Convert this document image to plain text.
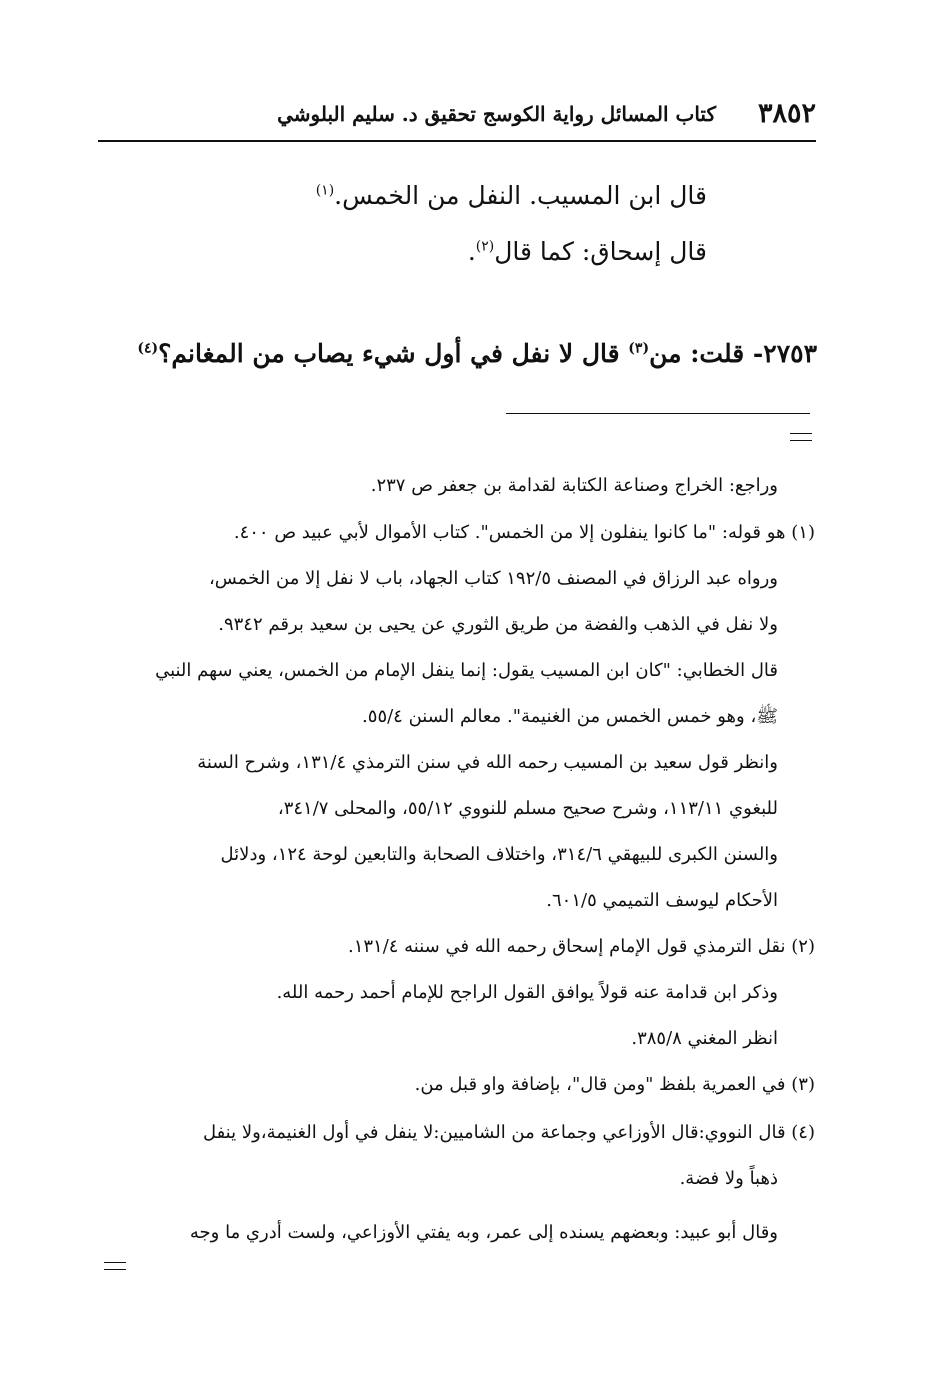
٣٨٥٢
كتاب المسائل رواية الكوسج تحقيق د. سليم البلوشي
قال ابن المسيب. النفل من الخمس.$^{(١)}$
قال إسحاق: كما قال$^{(٢)}$.
٢٧٥٣- قلت: من$^{(٣)}$ قال لا نفل في أول شيء يصاب من المغانم؟$^{(٤)}$
وراجع: الخراج وصناعة الكتابة لقدامة بن جعفر ص ٢٣٧.
(١) هو قوله: "ما كانوا ينفلون إلا من الخمس". كتاب الأموال لأبي عبيد ص ٤٠٠.
ورواه عبد الرزاق في المصنف ١٩٢/٥ كتاب الجهاد، باب لا نفل إلا من الخمس،
ولا نفل في الذهب والفضة من طريق الثوري عن يحيى بن سعيد برقم ٩٣٤٢.
قال الخطابي: "كان ابن المسيب يقول: إنما ينفل الإمام من الخمس، يعني سهم النبي
ﷺ، وهو خمس الخمس من الغنيمة". معالم السنن ٥٥/٤.
وانظر قول سعيد بن المسيب رحمه الله في سنن الترمذي ١٣١/٤، وشرح السنة
للبغوي ١١٣/١١، وشرح صحيح مسلم للنووي ٥٥/١٢، والمحلى ٣٤١/٧،
والسنن الكبرى للبيهقي ٣١٤/٦، واختلاف الصحابة والتابعين لوحة ١٢٤، ودلائل
الأحكام ليوسف التميمي ٦٠١/٥.
(٢) نقل الترمذي قول الإمام إسحاق رحمه الله في سننه ١٣١/٤.
وذكر ابن قدامة عنه قولاً يوافق القول الراجح للإمام أحمد رحمه الله.
انظر المغني ٣٨٥/٨.
(٣) في العمرية بلفظ "ومن قال"، بإضافة واو قبل من.
(٤) قال النووي:قال الأوزاعي وجماعة من الشاميين:لا ينفل في أول الغنيمة،ولا ينفل
ذهباً ولا فضة.
وقال أبو عبيد: وبعضهم يسنده إلى عمر، وبه يفتي الأوزاعي، ولست أدري ما وجه
